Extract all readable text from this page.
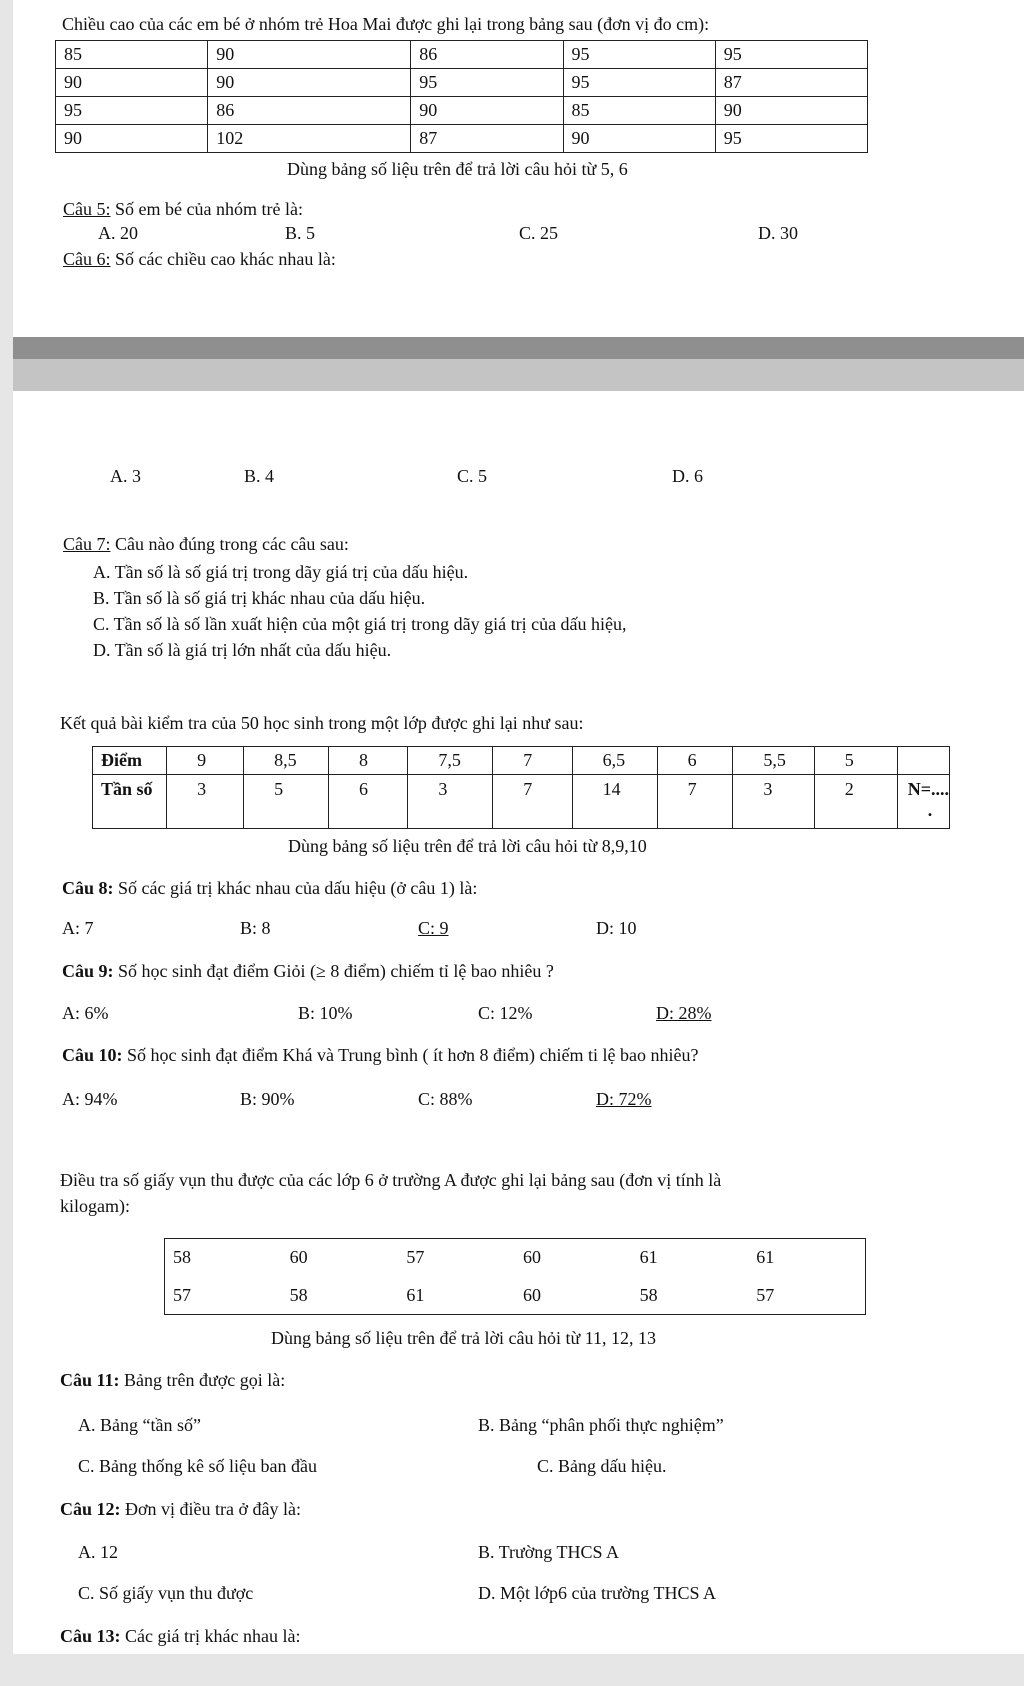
Chiều cao của các em bé ở nhóm trẻ Hoa Mai được ghi lại trong bảng sau (đơn vị đo cm):
85	90	86	95	95
90	90	95	95	87
95	86	90	85	90
90	102	87	90	95
Dùng bảng số liệu trên để trả lời câu hỏi từ 5, 6
Câu 5: Số em bé của nhóm trẻ là:
A. 20	B. 5	C. 25	D. 30
Câu 6: Số các chiều cao khác nhau là:
A. 3	B. 4	C. 5	D. 6
Câu 7: Câu nào đúng trong các câu sau:
A. Tần số là số giá trị trong dãy giá trị của dấu hiệu.
B. Tần số là số giá trị khác nhau của dấu hiệu.
C. Tần số là số lần xuất hiện của một giá trị trong dãy giá trị của dấu hiệu,
D. Tần số là giá trị lớn nhất của dấu hiệu.
Kết quả bài kiểm tra của 50 học sinh trong một lớp được ghi lại như sau:
Điểm	9	8,5	8	7,5	7	6,5	6	5,5	5	
Tần số	3	5	6	3	7	14	7	3	2	N=....
.
Dùng bảng số liệu trên để trả lời câu hỏi từ 8,9,10
Câu 8: Số các giá trị khác nhau của dấu hiệu (ở câu 1) là:
A: 7	B: 8	C: 9	D: 10
Câu 9: Số học sinh đạt điểm Giỏi (≥ 8 điểm) chiếm tỉ lệ bao nhiêu ?
A: 6%	B: 10%	C: 12%	D: 28%
Câu 10: Số học sinh đạt điểm Khá và Trung bình ( ít hơn 8 điểm) chiếm ti lệ bao nhiêu?
A: 94%	B: 90%	C: 88%	D: 72%
Điều tra số giấy vụn thu được của các lớp 6 ở trường A được ghi lại bảng sau (đơn vị tính là
kilogam):
58	60	57	60	61	61
57	58	61	60	58	57
Dùng bảng số liệu trên để trả lời câu hỏi từ 11, 12, 13
Câu 11: Bảng trên được gọi là:
A. Bảng “tần số”	B. Bảng “phân phối thực nghiệm”
C. Bảng thống kê số liệu ban đầu	C. Bảng dấu hiệu.
Câu 12: Đơn vị điều tra ở đây là:
A. 12	B. Trường THCS A
C. Số giấy vụn thu được	D. Một lớp6 của trường THCS A
Câu 13: Các giá trị khác nhau là:
